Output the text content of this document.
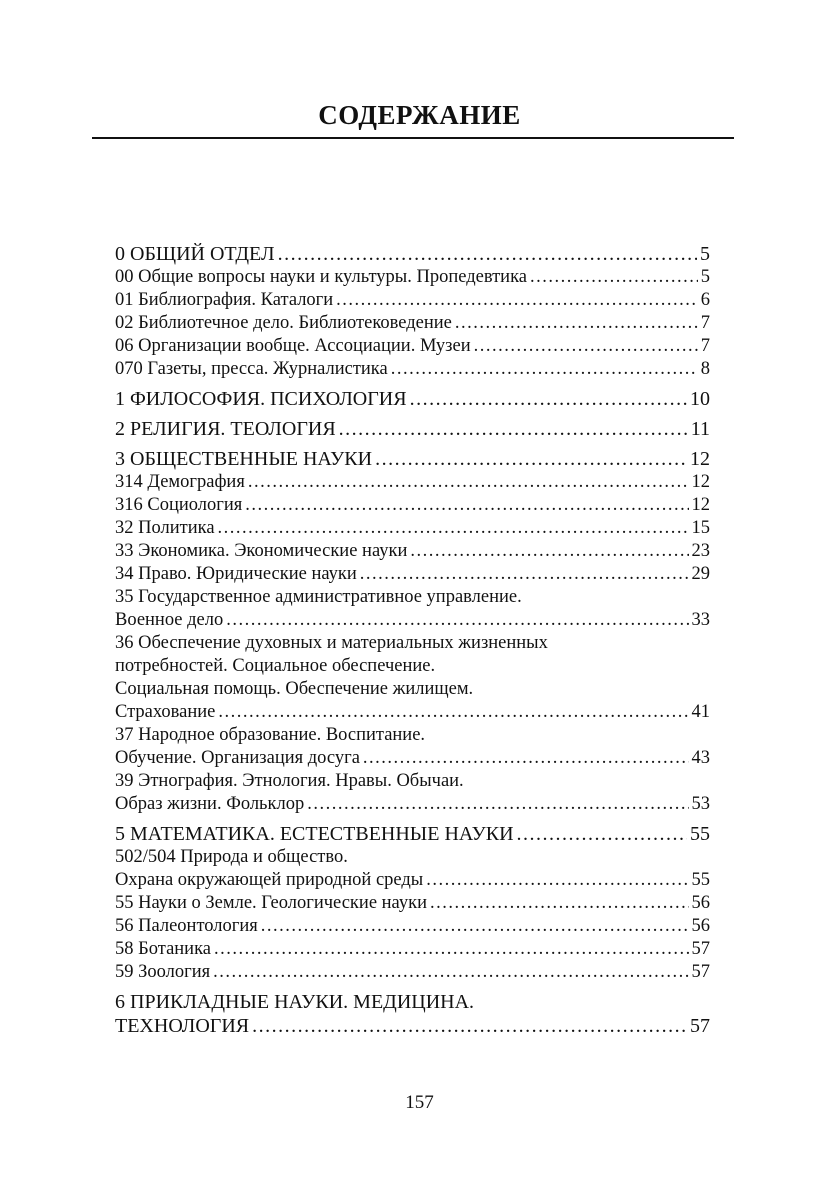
СОДЕРЖАНИЕ
0 ОБЩИЙ ОТДЕЛ .....	5
00 Общие вопросы науки и культуры. Пропедевтика .....	5
01 Библиография. Каталоги .....	6
02 Библиотечное дело. Библиотековедение .....	7
06 Организации вообще. Ассоциации. Музеи .....	7
070 Газеты, пресса. Журналистика .....	8
1 ФИЛОСОФИЯ. ПСИХОЛОГИЯ .....	10
2 РЕЛИГИЯ. ТЕОЛОГИЯ .....	11
3 ОБЩЕСТВЕННЫЕ НАУКИ .....	12
314 Демография .....	12
316 Социология .....	12
32 Политика .....	15
33 Экономика. Экономические науки .....	23
34 Право. Юридические науки .....	29
35 Государственное административное управление.
Военное дело .....	33
36 Обеспечение духовных и материальных жизненных
потребностей. Социальное обеспечение.
Социальная помощь. Обеспечение жилищем.
Страхование .....	41
37 Народное образование. Воспитание.
Обучение. Организация досуга .....	43
39 Этнография. Этнология. Нравы. Обычаи.
Образ жизни. Фольклор .....	53
5 МАТЕМАТИКА. ЕСТЕСТВЕННЫЕ НАУКИ .....	55
502/504 Природа и общество.
Охрана окружающей природной среды .....	55
55 Науки о Земле. Геологические науки .....	56
56 Палеонтология .....	56
58 Ботаника .....	57
59 Зоология .....	57
6 ПРИКЛАДНЫЕ НАУКИ. МЕДИЦИНА.
ТЕХНОЛОГИЯ .....	57
157
